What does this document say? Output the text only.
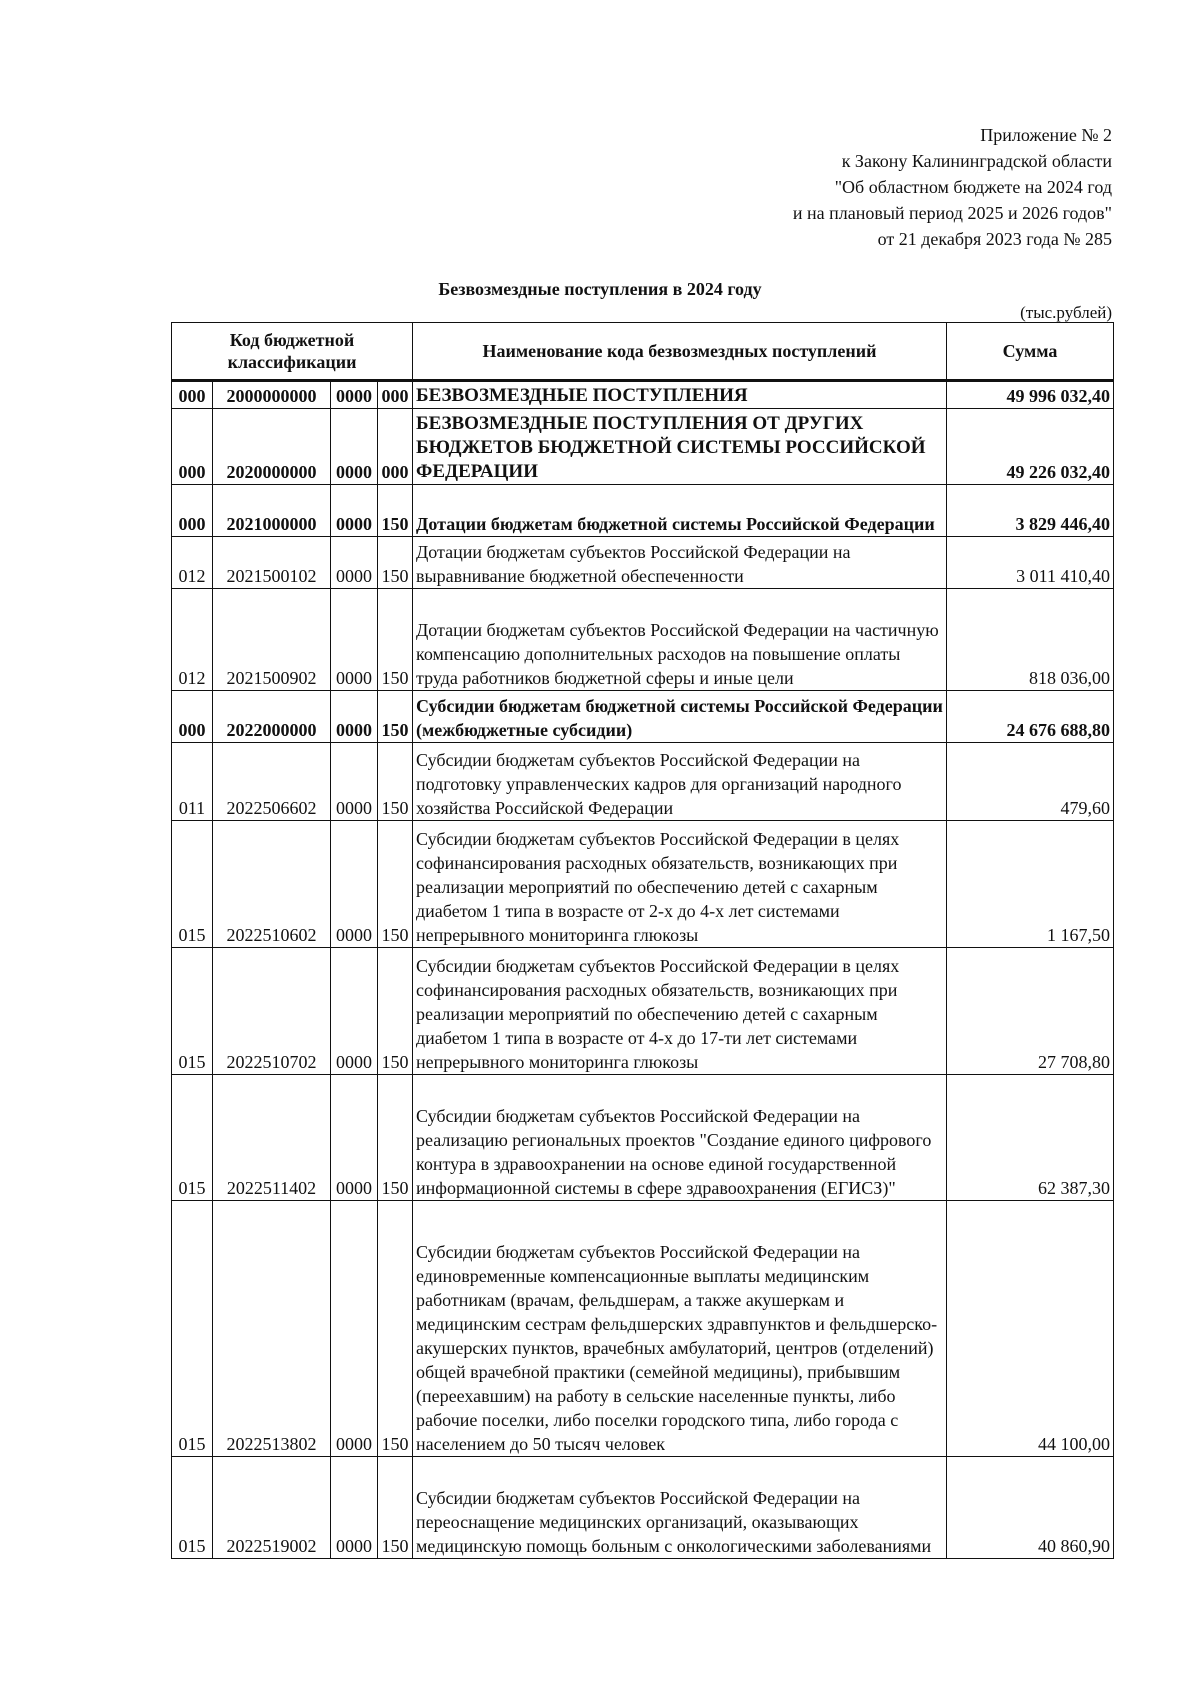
Приложение № 2
к Закону Калининградской области
"Об областном бюджете на 2024 год
и на плановый период 2025 и 2026 годов"
от 21 декабря 2023 года № 285
Безвозмездные поступления в 2024 году
(тыс.рублей)
Код бюджетной классификации				Наименование кода безвозмездных поступлений	Сумма
000	2000000000	0000	000	БЕЗВОЗМЕЗДНЫЕ ПОСТУПЛЕНИЯ	49 996 032,40
000	2020000000	0000	000	БЕЗВОЗМЕЗДНЫЕ ПОСТУПЛЕНИЯ ОТ ДРУГИХ БЮДЖЕТОВ БЮДЖЕТНОЙ СИСТЕМЫ РОССИЙСКОЙ ФЕДЕРАЦИИ	49 226 032,40
000	2021000000	0000	150	Дотации бюджетам бюджетной системы Российской Федерации	3 829 446,40
012	2021500102	0000	150	Дотации бюджетам субъектов Российской Федерации на выравнивание бюджетной обеспеченности	3 011 410,40
012	2021500902	0000	150	Дотации бюджетам субъектов Российской Федерации на частичную компенсацию дополнительных расходов на повышение оплаты труда работников бюджетной сферы и иные цели	818 036,00
000	2022000000	0000	150	Субсидии бюджетам бюджетной системы Российской Федерации (межбюджетные субсидии)	24 676 688,80
011	2022506602	0000	150	Субсидии бюджетам субъектов Российской Федерации на подготовку управленческих кадров для организаций народного хозяйства Российской Федерации	479,60
015	2022510602	0000	150	Субсидии бюджетам субъектов Российской Федерации в целях софинансирования расходных обязательств, возникающих при реализации мероприятий по обеспечению детей с сахарным диабетом 1 типа в возрасте от 2-х до 4-х лет системами непрерывного мониторинга глюкозы	1 167,50
015	2022510702	0000	150	Субсидии бюджетам субъектов Российской Федерации в целях софинансирования расходных обязательств, возникающих при реализации мероприятий по обеспечению детей с сахарным диабетом 1 типа в возрасте от 4-х до 17-ти лет системами непрерывного мониторинга глюкозы	27 708,80
015	2022511402	0000	150	Субсидии бюджетам субъектов Российской Федерации на реализацию региональных проектов "Создание единого цифрового контура в здравоохранении на основе единой государственной информационной системы в сфере здравоохранения (ЕГИСЗ)"	62 387,30
015	2022513802	0000	150	Субсидии бюджетам субъектов Российской Федерации на единовременные компенсационные выплаты медицинским работникам (врачам, фельдшерам, а также акушеркам и медицинским сестрам фельдшерских здравпунктов и фельдшерско-акушерских пунктов, врачебных амбулаторий, центров (отделений) общей врачебной практики (семейной медицины), прибывшим (переехавшим) на работу в сельские населенные пункты, либо рабочие поселки, либо поселки городского типа, либо города с населением до 50 тысяч человек	44 100,00
015	2022519002	0000	150	Субсидии бюджетам субъектов Российской Федерации на переоснащение медицинских организаций, оказывающих медицинскую помощь больным с онкологическими заболеваниями	40 860,90
